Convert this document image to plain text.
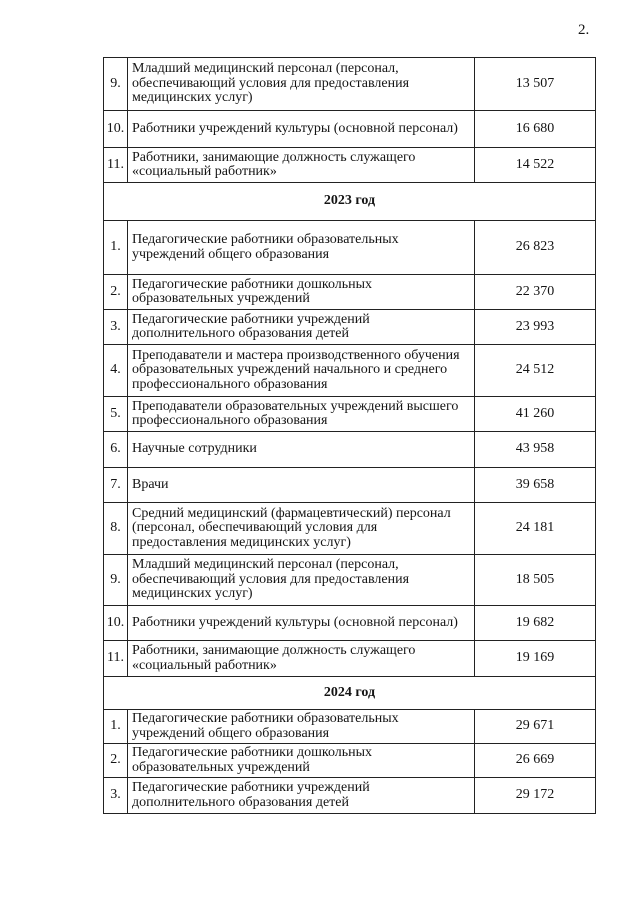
2.
9.	Младший медицинский персонал (персонал, обеспечивающий условия для предоставления медицинских услуг)	13 507
10.	Работники учреждений культуры (основной персонал)	16 680
11.	Работники, занимающие должность служащего «социальный работник»	14 522
2023 год		
1.	Педагогические работники образовательных учреждений общего образования	26 823
2.	Педагогические работники дошкольных образовательных учреждений	22 370
3.	Педагогические работники учреждений дополнительного образования детей	23 993
4.	Преподаватели и мастера производственного обучения образовательных учреждений начального и среднего профессионального образования	24 512
5.	Преподаватели образовательных учреждений высшего профессионального образования	41 260
6.	Научные сотрудники	43 958
7.	Врачи	39 658
8.	Средний медицинский (фармацевтический) персонал (персонал, обеспечивающий условия для предоставления медицинских услуг)	24 181
9.	Младший медицинский персонал (персонал, обеспечивающий условия для предоставления медицинских услуг)	18 505
10.	Работники учреждений культуры (основной персонал)	19 682
11.	Работники, занимающие должность служащего «социальный работник»	19 169
2024 год		
1.	Педагогические работники образовательных учреждений общего образования	29 671
2.	Педагогические работники дошкольных образовательных учреждений	26 669
3.	Педагогические работники учреждений дополнительного образования детей	29 172
